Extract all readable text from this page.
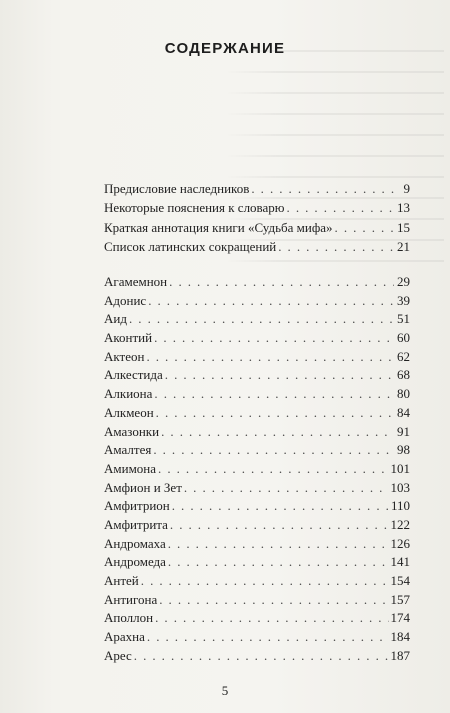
СОДЕРЖАНИЕ
Предисловие наследников . . .	9
Некоторые пояснения к словарю . . .	13
Краткая аннотация книги «Судьба мифа» . . .	15
Список латинских сокращений . . .	21
Агамемнон . . .	29
Адонис . . .	39
Аид . . .	51
Аконтий . . .	60
Актеон . . .	62
Алкестида . . .	68
Алкиона . . .	80
Алкмеон . . .	84
Амазонки . . .	91
Амалтея . . .	98
Амимона . . .	101
Амфион и Зет . . .	103
Амфитрион . . .	110
Амфитрита . . .	122
Андромаха . . .	126
Андромеда . . .	141
Антей . . .	154
Антигона . . .	157
Аполлон . . .	174
Арахна . . .	184
Арес . . .	187
5
